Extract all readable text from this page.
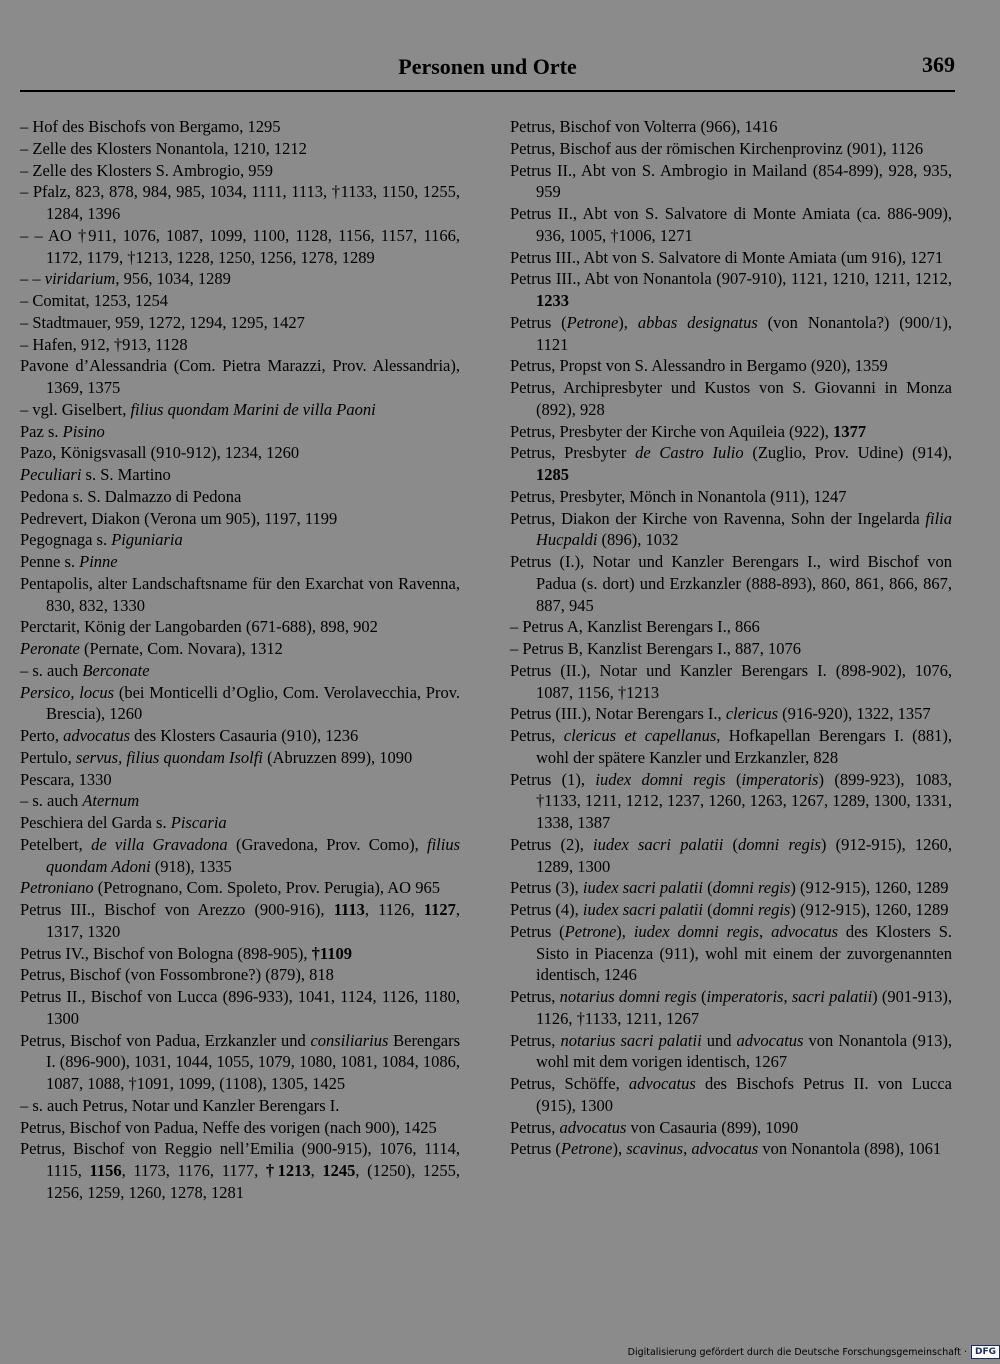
Personen und Orte	369

– Hof des Bischofs von Bergamo, 1295

– Zelle des Klosters Nonantola, 1210, 1212

– Zelle des Klosters S. Ambrogio, 959

– Pfalz, 823, 878, 984, 985, 1034, 1111, 1113, †1133, 1150, 1255, 1284, 1396

– – AO †911, 1076, 1087, 1099, 1100, 1128, 1156, 1157, 1166, 1172, 1179, †1213, 1228, 1250, 1256, 1278, 1289

– – viridarium, 956, 1034, 1289

– Comitat, 1253, 1254

– Stadtmauer, 959, 1272, 1294, 1295, 1427

– Hafen, 912, †913, 1128

Pavone d’Alessandria (Com. Pietra Marazzi, Prov. Alessandria), 1369, 1375

– vgl. Giselbert, filius quondam Marini de villa Paoni

Paz s. Pisino

Pazo, Königsvasall (910-912), 1234, 1260

Peculiari s. S. Martino

Pedona s. S. Dalmazzo di Pedona

Pedrevert, Diakon (Verona um 905), 1197, 1199

Pegognaga s. Piguniaria

Penne s. Pinne

Pentapolis, alter Landschaftsname für den Exarchat von Ravenna, 830, 832, 1330

Perctarit, König der Langobarden (671-688), 898, 902

Peronate (Pernate, Com. Novara), 1312

– s. auch Berconate

Persico, locus (bei Monticelli d’Oglio, Com. Verolavecchia, Prov. Brescia), 1260

Perto, advocatus des Klosters Casauria (910), 1236

Pertulo, servus, filius quondam Isolfi (Abruzzen 899), 1090

Pescara, 1330

– s. auch Aternum

Peschiera del Garda s. Piscaria

Petelbert, de villa Gravadona (Gravedona, Prov. Como), filius quondam Adoni (918), 1335

Petroniano (Petrognano, Com. Spoleto, Prov. Perugia), AO 965

Petrus III., Bischof von Arezzo (900-916), 1113, 1126, 1127, 1317, 1320

Petrus IV., Bischof von Bologna (898-905), †1109

Petrus, Bischof (von Fossombrone?) (879), 818

Petrus II., Bischof von Lucca (896-933), 1041, 1124, 1126, 1180, 1300

Petrus, Bischof von Padua, Erzkanzler und consiliarius Berengars I. (896-900), 1031, 1044, 1055, 1079, 1080, 1081, 1084, 1086, 1087, 1088, †1091, 1099, (1108), 1305, 1425

– s. auch Petrus, Notar und Kanzler Berengars I.

Petrus, Bischof von Padua, Neffe des vorigen (nach 900), 1425

Petrus, Bischof von Reggio nell’Emilia (900-915), 1076, 1114, 1115, 1156, 1173, 1176, 1177, †1213, 1245, (1250), 1255, 1256, 1259, 1260, 1278, 1281

Petrus, Bischof von Volterra (966), 1416

Petrus, Bischof aus der römischen Kirchenprovinz (901), 1126

Petrus II., Abt von S. Ambrogio in Mailand (854-899), 928, 935, 959

Petrus II., Abt von S. Salvatore di Monte Amiata (ca. 886-909), 936, 1005, †1006, 1271

Petrus III., Abt von S. Salvatore di Monte Amiata (um 916), 1271

Petrus III., Abt von Nonantola (907-910), 1121, 1210, 1211, 1212, 1233

Petrus (Petrone), abbas designatus (von Nonantola?) (900/1), 1121

Petrus, Propst von S. Alessandro in Bergamo (920), 1359

Petrus, Archipresbyter und Kustos von S. Giovanni in Monza (892), 928

Petrus, Presbyter der Kirche von Aquileia (922), 1377

Petrus, Presbyter de Castro Iulio (Zuglio, Prov. Udine) (914), 1285

Petrus, Presbyter, Mönch in Nonantola (911), 1247

Petrus, Diakon der Kirche von Ravenna, Sohn der Ingelarda filia Hucpaldi (896), 1032

Petrus (I.), Notar und Kanzler Berengars I., wird Bischof von Padua (s. dort) und Erzkanzler (888-893), 860, 861, 866, 867, 887, 945

– Petrus A, Kanzlist Berengars I., 866

– Petrus B, Kanzlist Berengars I., 887, 1076

Petrus (II.), Notar und Kanzler Berengars I. (898-902), 1076, 1087, 1156, †1213

Petrus (III.), Notar Berengars I., clericus (916-920), 1322, 1357

Petrus, clericus et capellanus, Hofkapellan Berengars I. (881), wohl der spätere Kanzler und Erzkanzler, 828

Petrus (1), iudex domni regis (imperatoris) (899-923), 1083, †1133, 1211, 1212, 1237, 1260, 1263, 1267, 1289, 1300, 1331, 1338, 1387

Petrus (2), iudex sacri palatii (domni regis) (912-915), 1260, 1289, 1300

Petrus (3), iudex sacri palatii (domni regis) (912-915), 1260, 1289

Petrus (4), iudex sacri palatii (domni regis) (912-915), 1260, 1289

Petrus (Petrone), iudex domni regis, advocatus des Klosters S. Sisto in Piacenza (911), wohl mit einem der zuvorgenannten identisch, 1246

Petrus, notarius domni regis (imperatoris, sacri palatii) (901-913), 1126, †1133, 1211, 1267

Petrus, notarius sacri palatii und advocatus von Nonantola (913), wohl mit dem vorigen identisch, 1267

Petrus, Schöffe, advocatus des Bischofs Petrus II. von Lucca (915), 1300

Petrus, advocatus von Casauria (899), 1090

Petrus (Petrone), scavinus, advocatus von Nonantola (898), 1061

Digitalisierung gefördert durch die Deutsche Forschungsgemeinschaft · DFG
